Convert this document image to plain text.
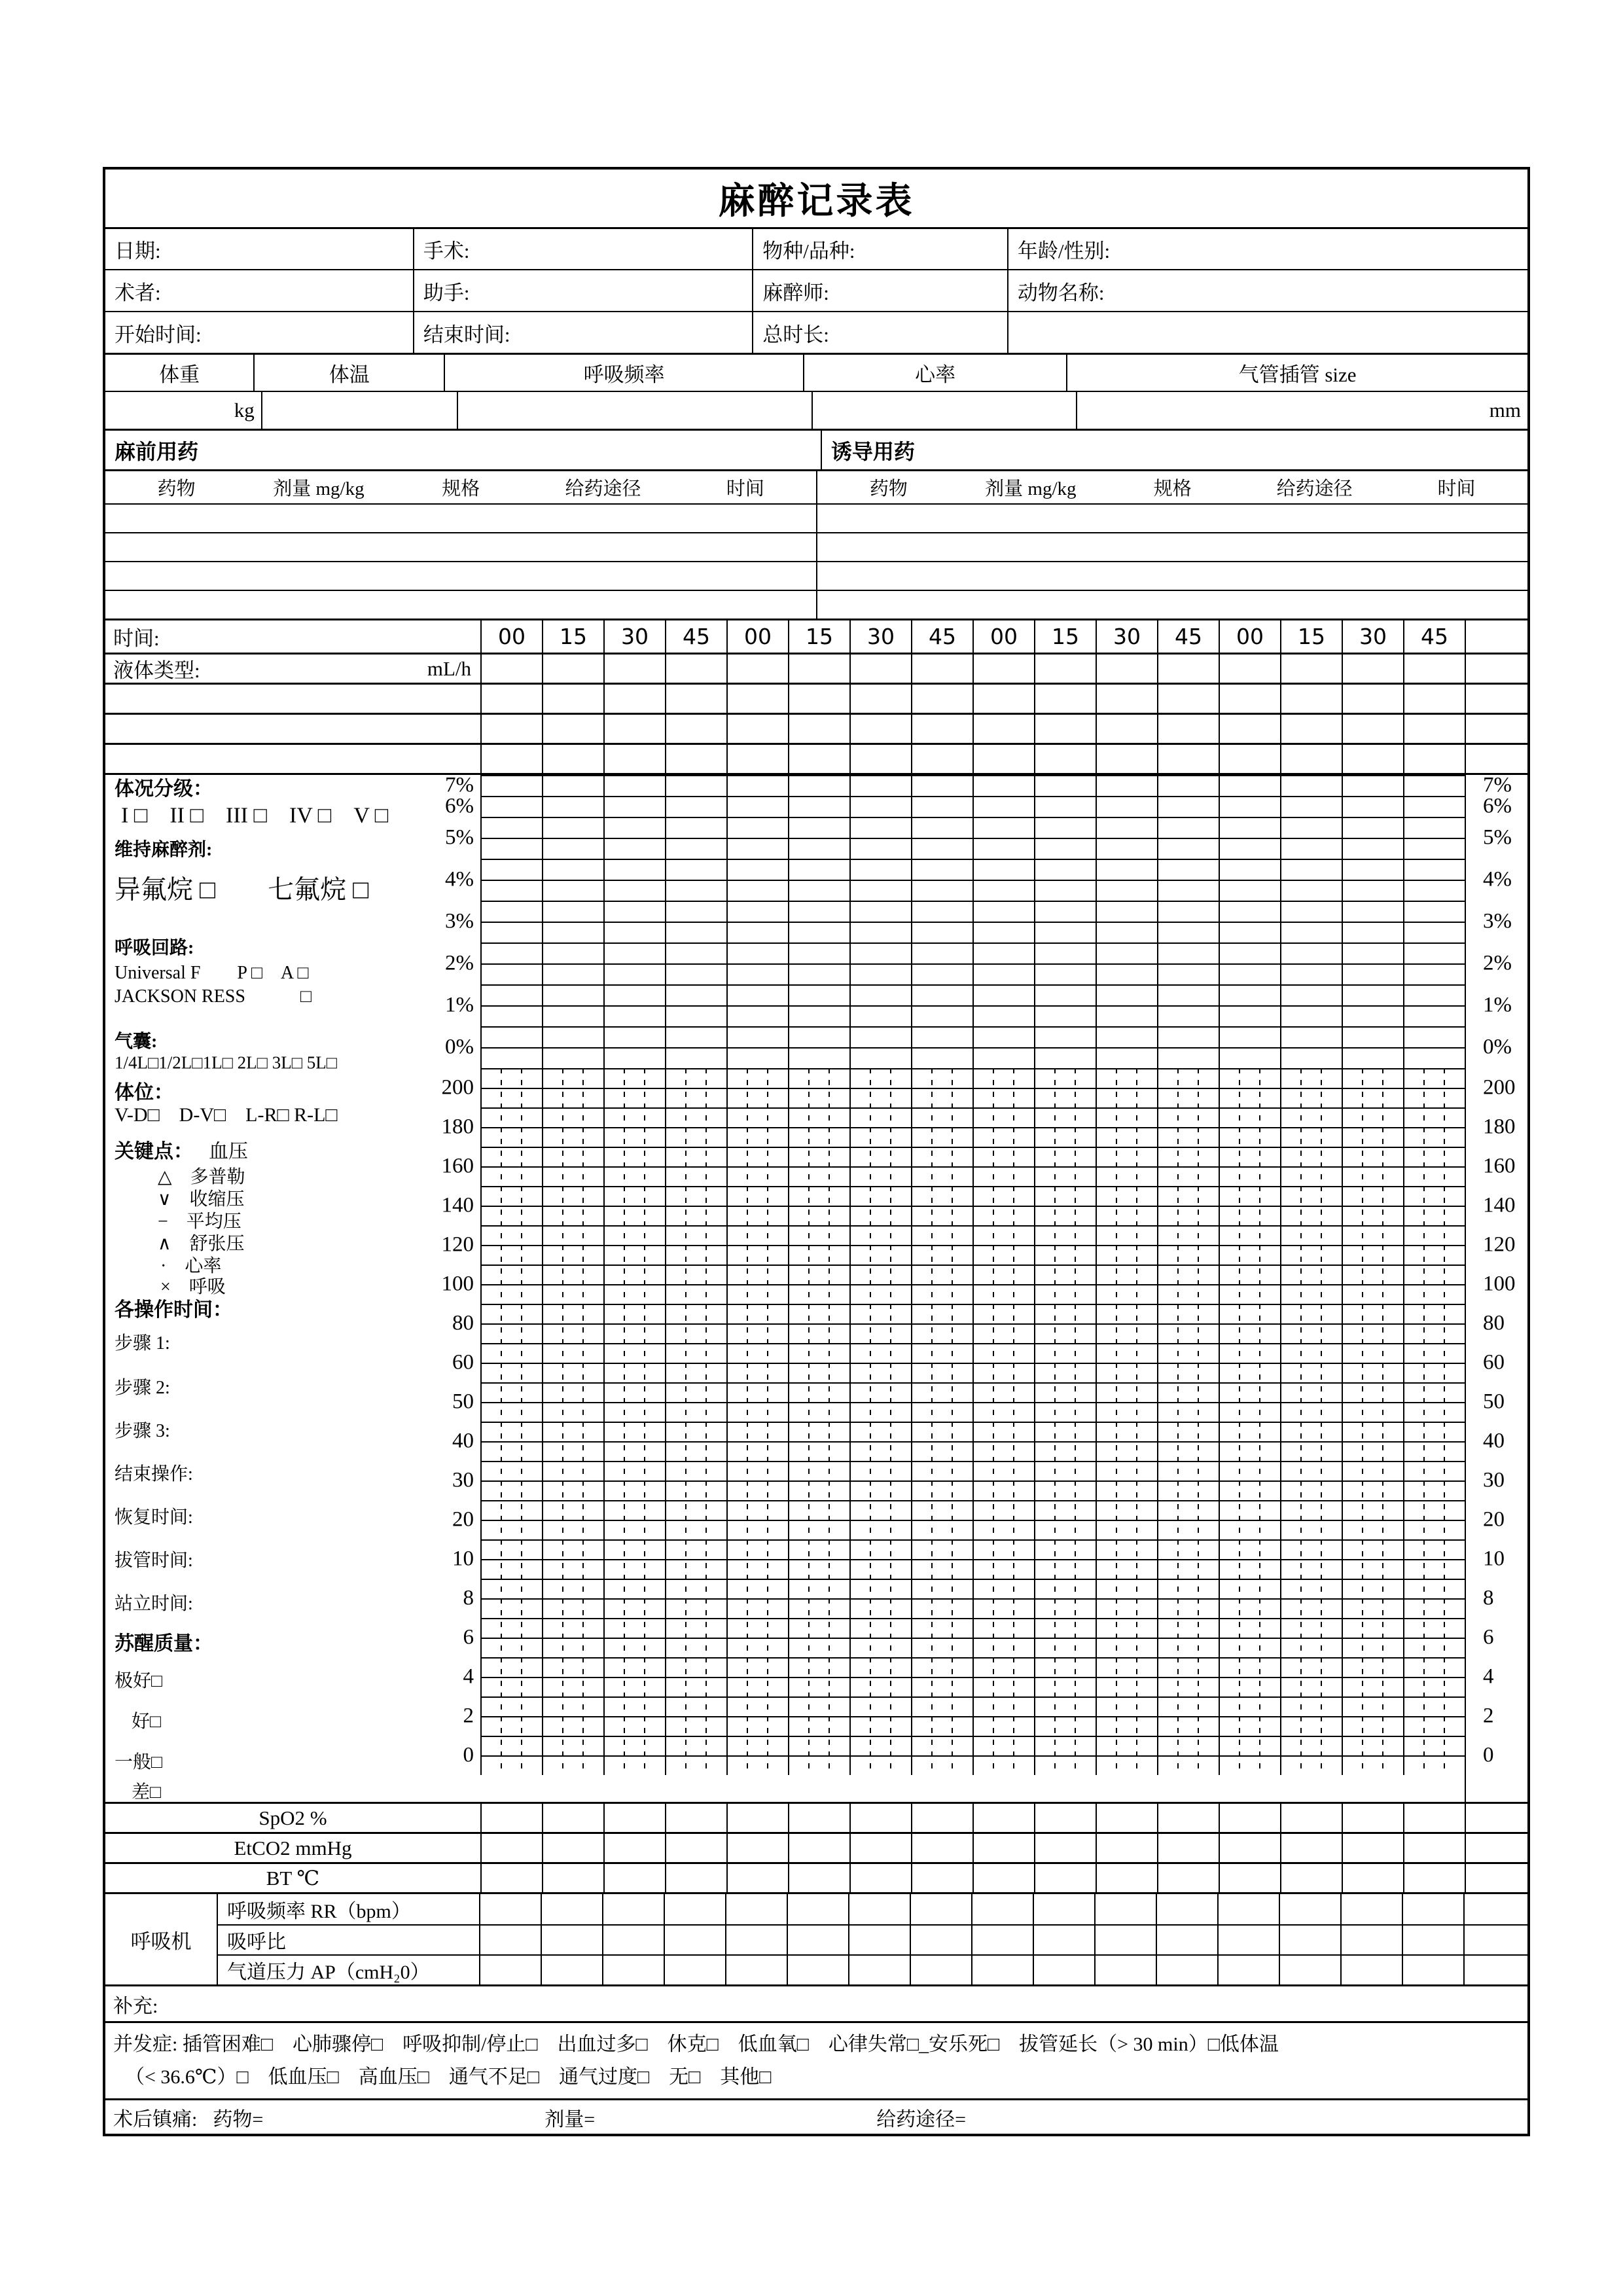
麻醉记录表
日期:	手术:	物种/品种:	年龄/性别:
术者:	助手:	麻醉师:	动物名称:
开始时间:	结束时间:	总时长:
体重	体温	呼吸频率	心率	气管插管 size
kg	mm
麻前用药	诱导用药
药物	剂量 mg/kg	规格	给药途径	时间	药物	剂量 mg/kg	规格	给药途径	时间
时间:	00	15	30	45	00	15	30	45	00	15	30	45	00	15	30	45
液体类型:	mL/h
体况分级：
I □　II □　III □　IV □　V □
维持麻醉剂:
异氟烷 □　　七氟烷 □
呼吸回路:
Universal F　　P □　A □
JACKSON RESS　　　□
气囊:
1/4L□1/2L□1L□ 2L□ 3L□ 5L□
体位：
V-D□　D-V□　L-R□ R-L□
关键点： 血压
△　多普勒
∨　收缩压
−　平均压
∧　舒张压
·　心率
×　呼吸
各操作时间：
步骤 1:
步骤 2:
步骤 3:
结束操作:
恢复时间:
拔管时间:
站立时间:
苏醒质量：
极好□
好□
一般□
差□
7%
6%
5%
4%
3%
2%
1%
0%
200
180
160
140
120
100
80
60
50
40
30
20
10
8
6
4
2
0
7%
6%
5%
4%
3%
2%
1%
0%
200
180
160
140
120
100
80
60
50
40
30
20
10
8
6
4
2
0
SpO2 %
EtCO2 mmHg
BT ℃
呼吸机
呼吸频率 RR（bpm）
吸呼比
气道压力 AP（cmH₂0）
补充:
并发症: 插管困难□　心肺骤停□　呼吸抑制/停止□　出血过多□　休克□　低血氧□　心律失常□_安乐死□　拔管延长（> 30 min）□低体温
（< 36.6℃）□　低血压□　高血压□　通气不足□　通气过度□　无□　其他□
术后镇痛: 药物=	剂量=	给药途径=
